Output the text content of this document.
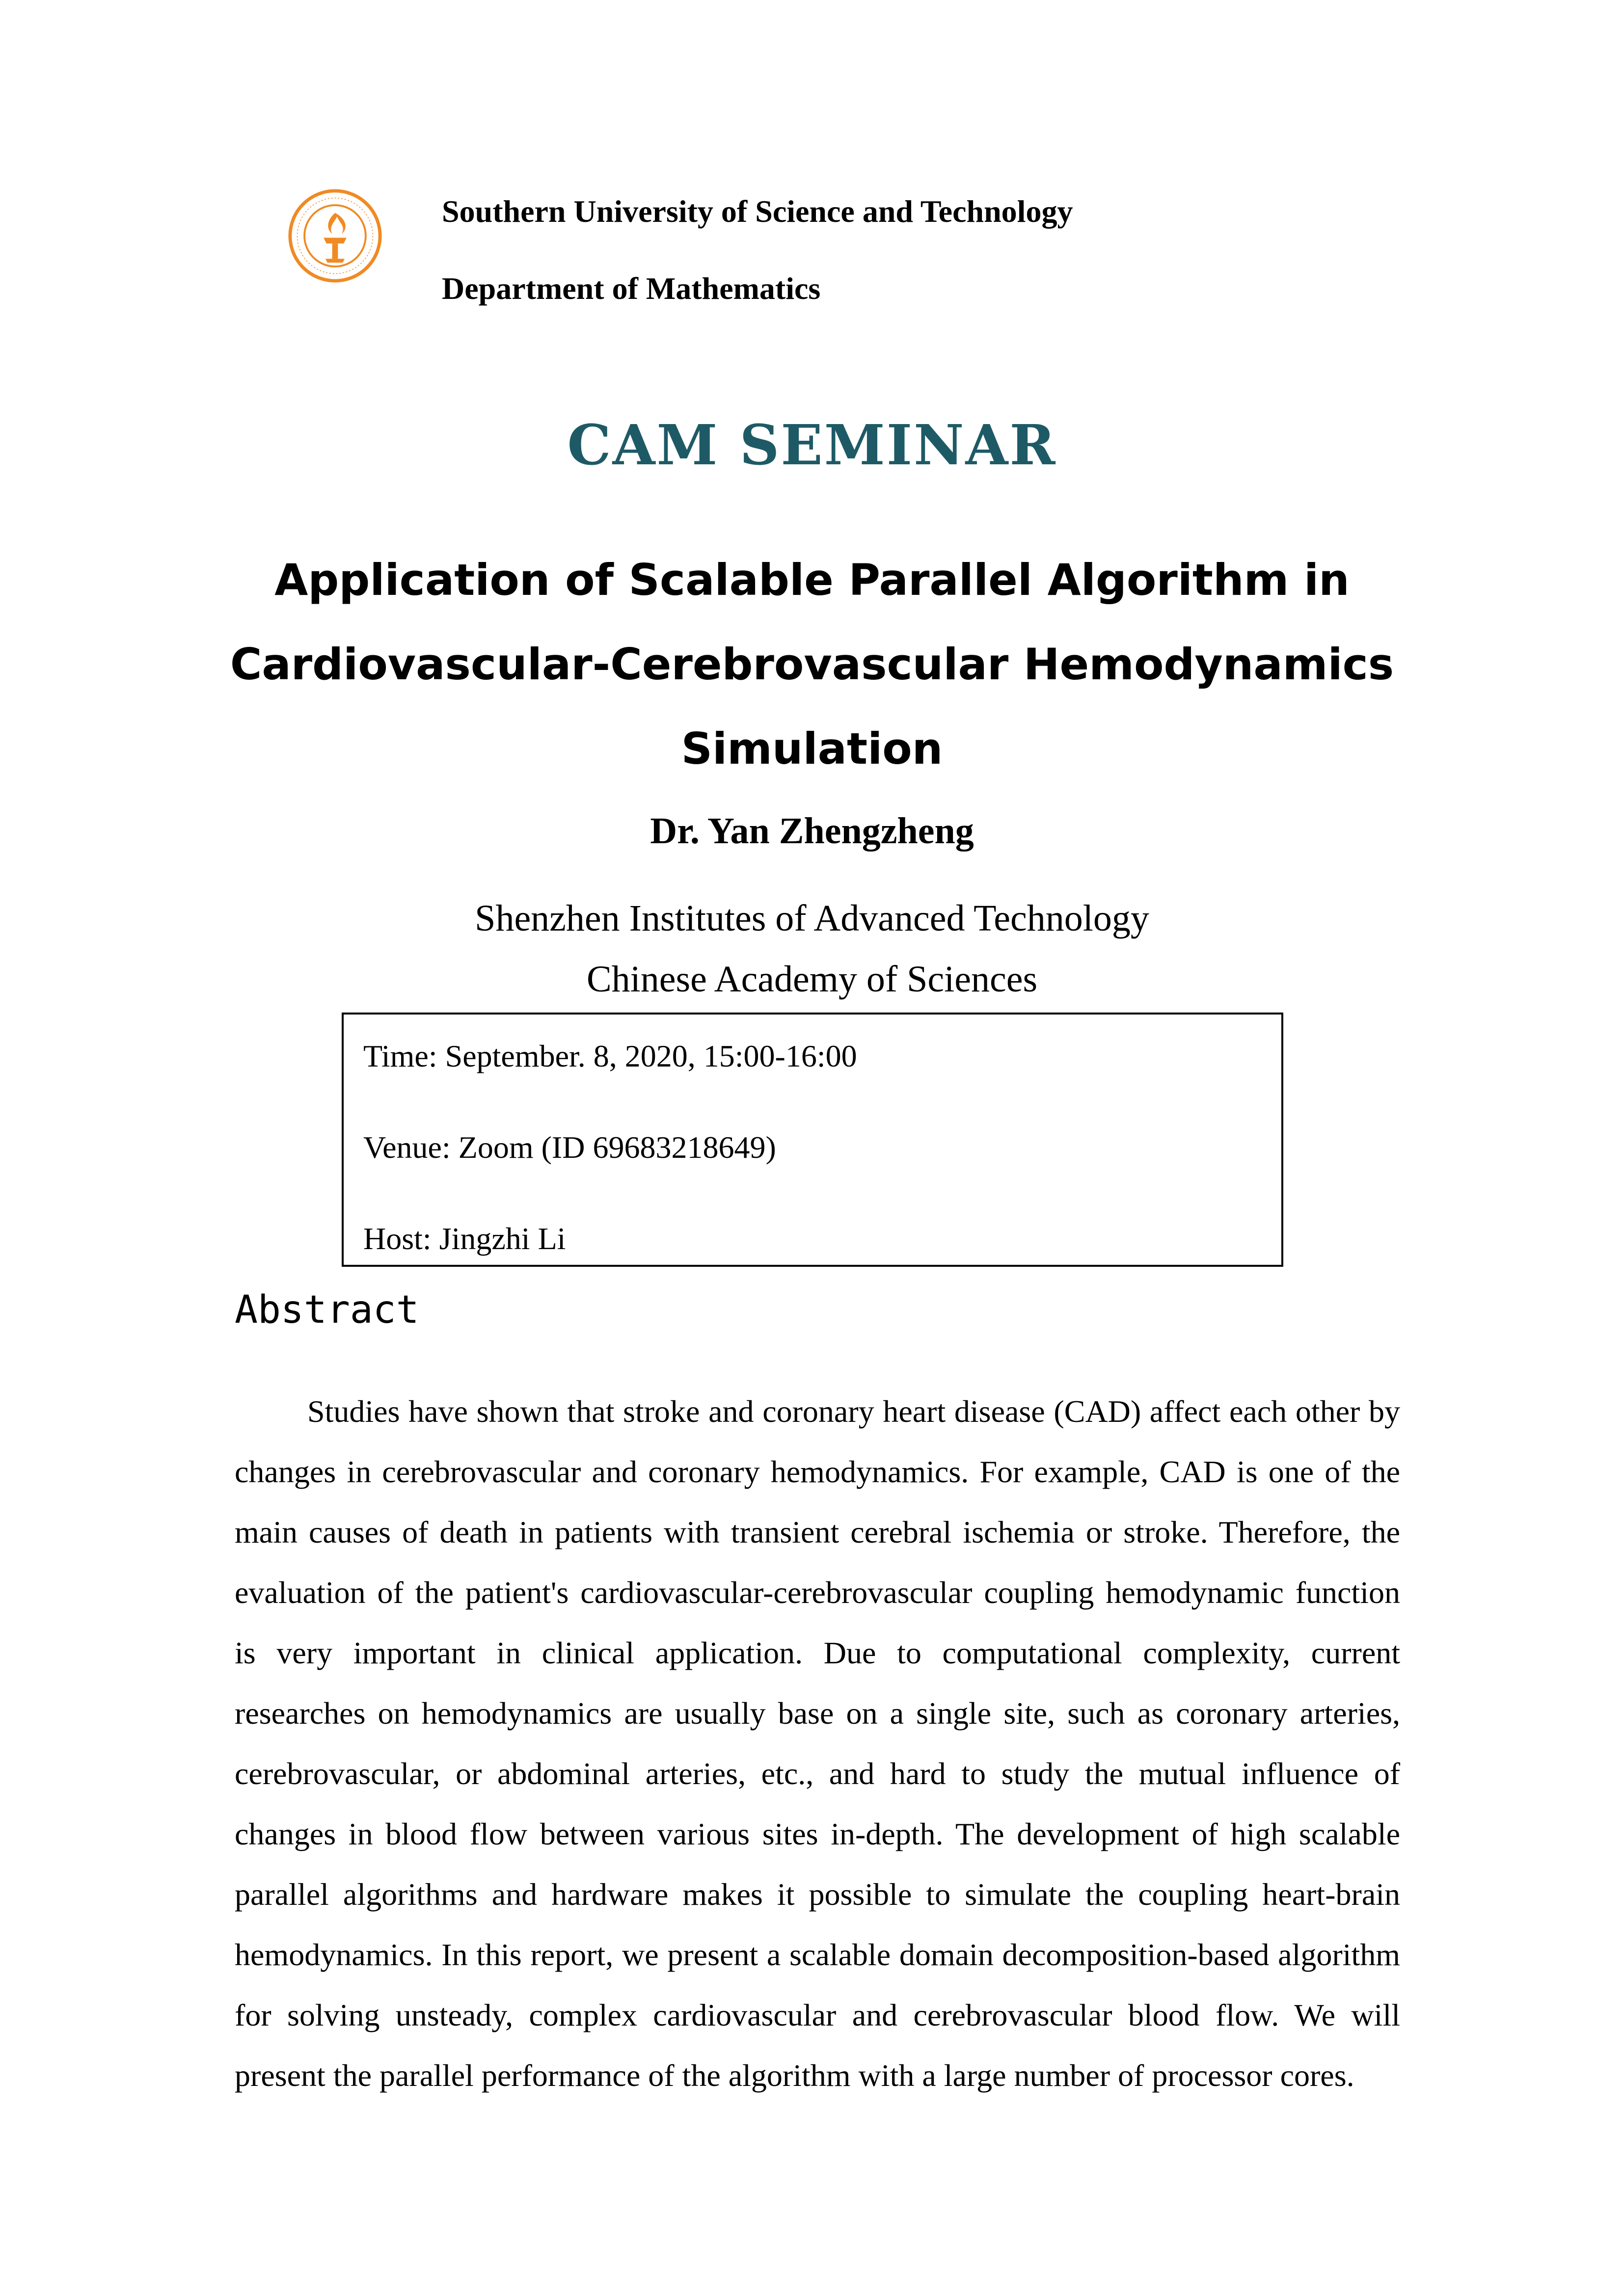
Southern University of Science and Technology
Department of Mathematics
CAM SEMINAR
Application of Scalable Parallel Algorithm in Cardiovascular-Cerebrovascular Hemodynamics Simulation
Dr. Yan Zhengzheng
Shenzhen Institutes of Advanced Technology
Chinese Academy of Sciences
Time: September. 8, 2020, 15:00-16:00
Venue: Zoom (ID 69683218649)
Host: Jingzhi Li
Abstract
Studies have shown that stroke and coronary heart disease (CAD) affect each other by changes in cerebrovascular and coronary hemodynamics. For example, CAD is one of the main causes of death in patients with transient cerebral ischemia or stroke. Therefore, the evaluation of the patient's cardiovascular-cerebrovascular coupling hemodynamic function is very important in clinical application. Due to computational complexity, current researches on hemodynamics are usually base on a single site, such as coronary arteries, cerebrovascular, or abdominal arteries, etc., and hard to study the mutual influence of changes in blood flow between various sites in-depth. The development of high scalable parallel algorithms and hardware makes it possible to simulate the coupling heart-brain hemodynamics. In this report, we present a scalable domain decomposition-based algorithm for solving unsteady, complex cardiovascular and cerebrovascular blood flow. We will present the parallel performance of the algorithm with a large number of processor cores.
